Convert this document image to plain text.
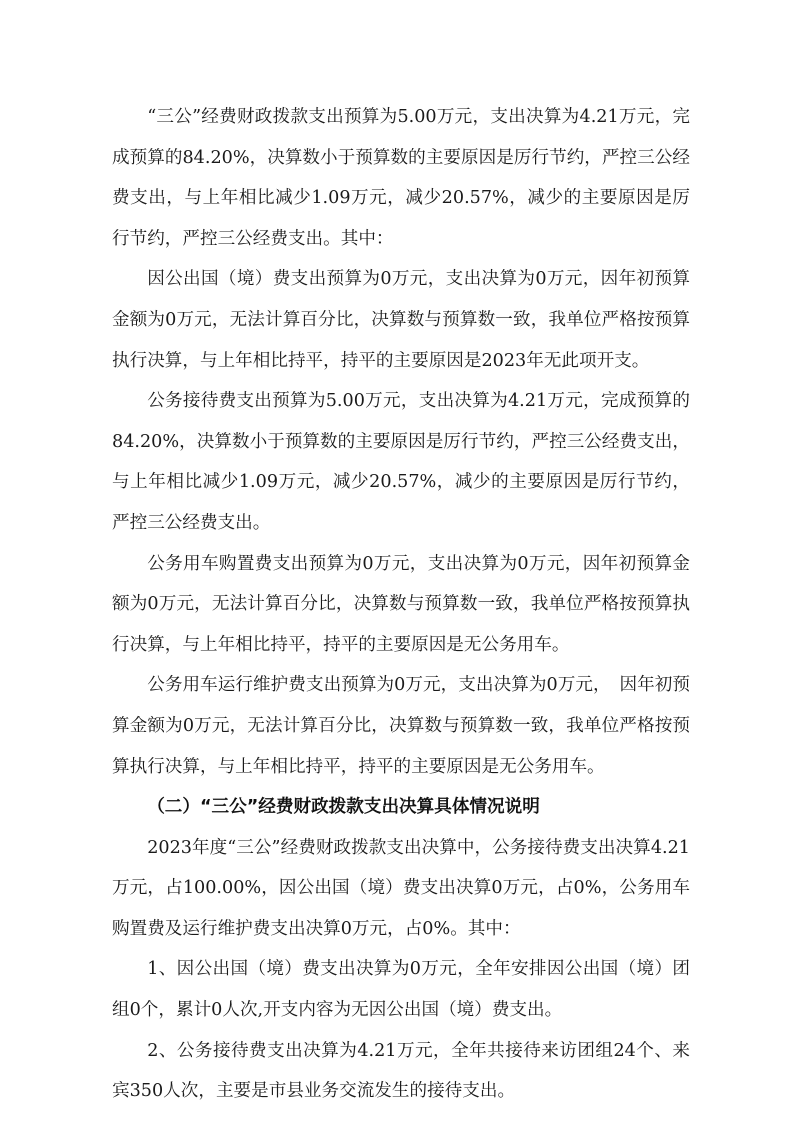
“三公”经费财政拨款支出预算为5.00万元，支出决算为4.21万元，完成预算的84.20%，决算数小于预算数的主要原因是厉行节约，严控三公经费支出，与上年相比减少1.09万元，减少20.57%，减少的主要原因是厉行节约，严控三公经费支出。其中：

因公出国（境）费支出预算为0万元，支出决算为0万元，因年初预算金额为0万元，无法计算百分比，决算数与预算数一致，我单位严格按预算执行决算，与上年相比持平，持平的主要原因是2023年无此项开支。

公务接待费支出预算为5.00万元，支出决算为4.21万元，完成预算的84.20%，决算数小于预算数的主要原因是厉行节约，严控三公经费支出，与上年相比减少1.09万元，减少20.57%，减少的主要原因是厉行节约，严控三公经费支出。

公务用车购置费支出预算为0万元，支出决算为0万元，因年初预算金额为0万元，无法计算百分比，决算数与预算数一致，我单位严格按预算执行决算，与上年相比持平，持平的主要原因是无公务用车。

公务用车运行维护费支出预算为0万元，支出决算为0万元，　因年初预算金额为0万元，无法计算百分比，决算数与预算数一致，我单位严格按预算执行决算，与上年相比持平，持平的主要原因是无公务用车。

（二）“三公”经费财政拨款支出决算具体情况说明

2023年度“三公”经费财政拨款支出决算中，公务接待费支出决算4.21万元，占100.00%，因公出国（境）费支出决算0万元，占0%，公务用车购置费及运行维护费支出决算0万元，占0%。其中：

1、因公出国（境）费支出决算为0万元，全年安排因公出国（境）团组0个，累计0人次,开支内容为无因公出国（境）费支出。

2、公务接待费支出决算为4.21万元，全年共接待来访团组24个、来宾350人次，主要是市县业务交流发生的接待支出。
